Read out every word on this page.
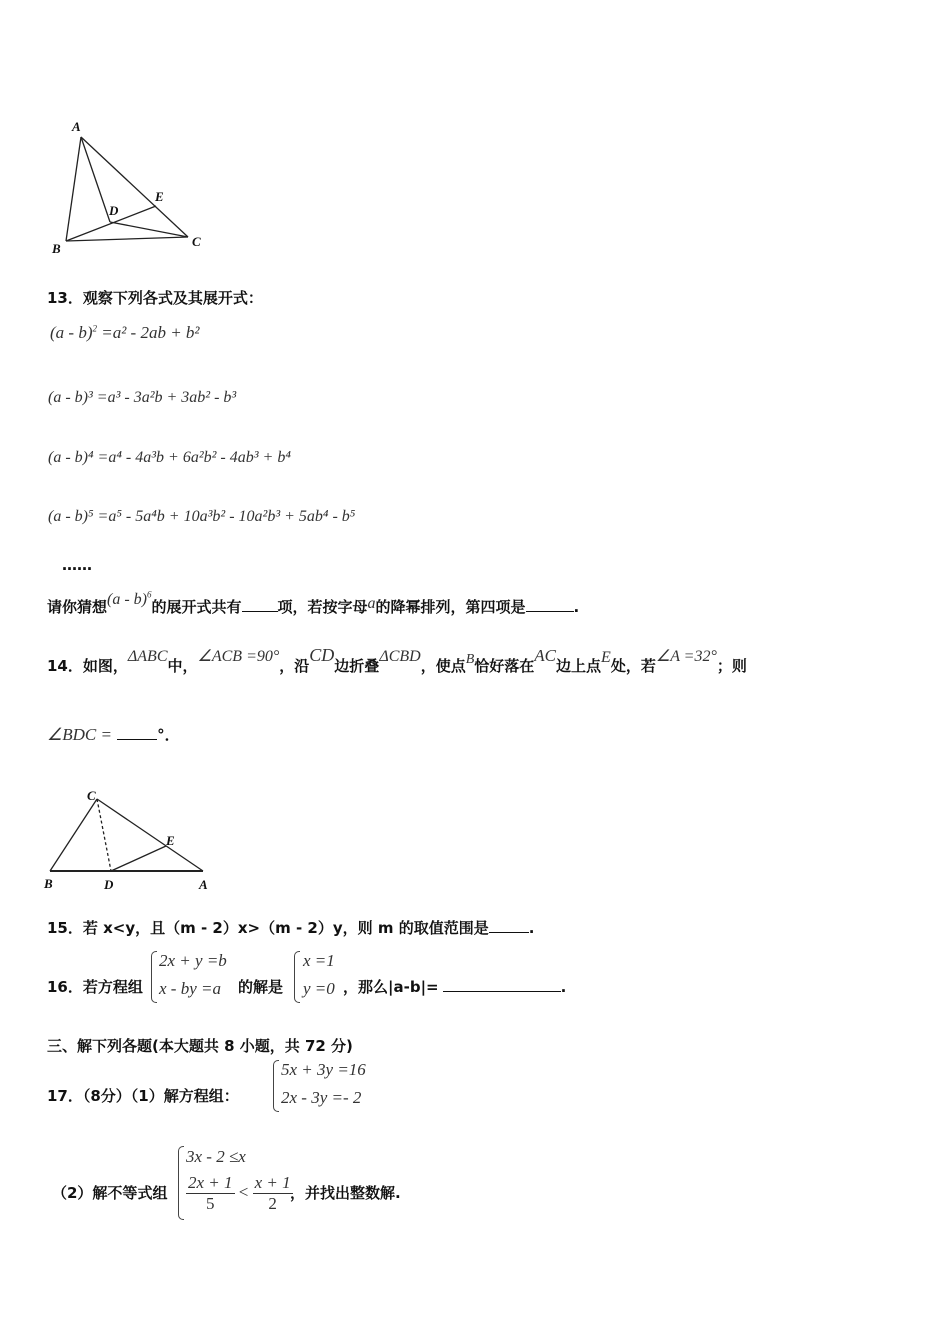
A
B	C
D
E
13．观察下列各式及其展开式：
(a - b)$^2$ =a² - 2ab + b²
(a - b)³ =a³ - 3a²b + 3ab² - b³
(a - b)⁴ =a⁴ - 4a³b + 6a²b² - 4ab³ + b⁴
(a - b)⁵ =a⁵ - 5a⁴b + 10a³b² - 10a²b³ + 5ab⁴ - b⁵
……
请你猜想(a - b)$^6$的展开式共有 项，若按字母a的降幂排列，第四项是	.
14．如图，ΔABC中，∠ACB =90°，沿CD边折叠ΔCBD，使点B恰好落在AC边上点E处，若∠A =32°；则
∠BDC =	°．
C
E
B	D	A
15．若 x<y，且（m - 2）x>（m - 2）y，则 m 的取值范围是	.
16．若方程组
2x + y =b
x - by =a 的解是
x =1
y =0 ，那么|a-b|=	.
三、解下列各题(本大题共 8 小题，共 72 分)
17．（8分）（1）解方程组：
5x + 3y =16
2x - 3y =- 2
（2）解不等式组
3x - 2 ≤x
$\frac{2x + 1}{5} < \frac{x + 1}{2}$
，并找出整数解.
